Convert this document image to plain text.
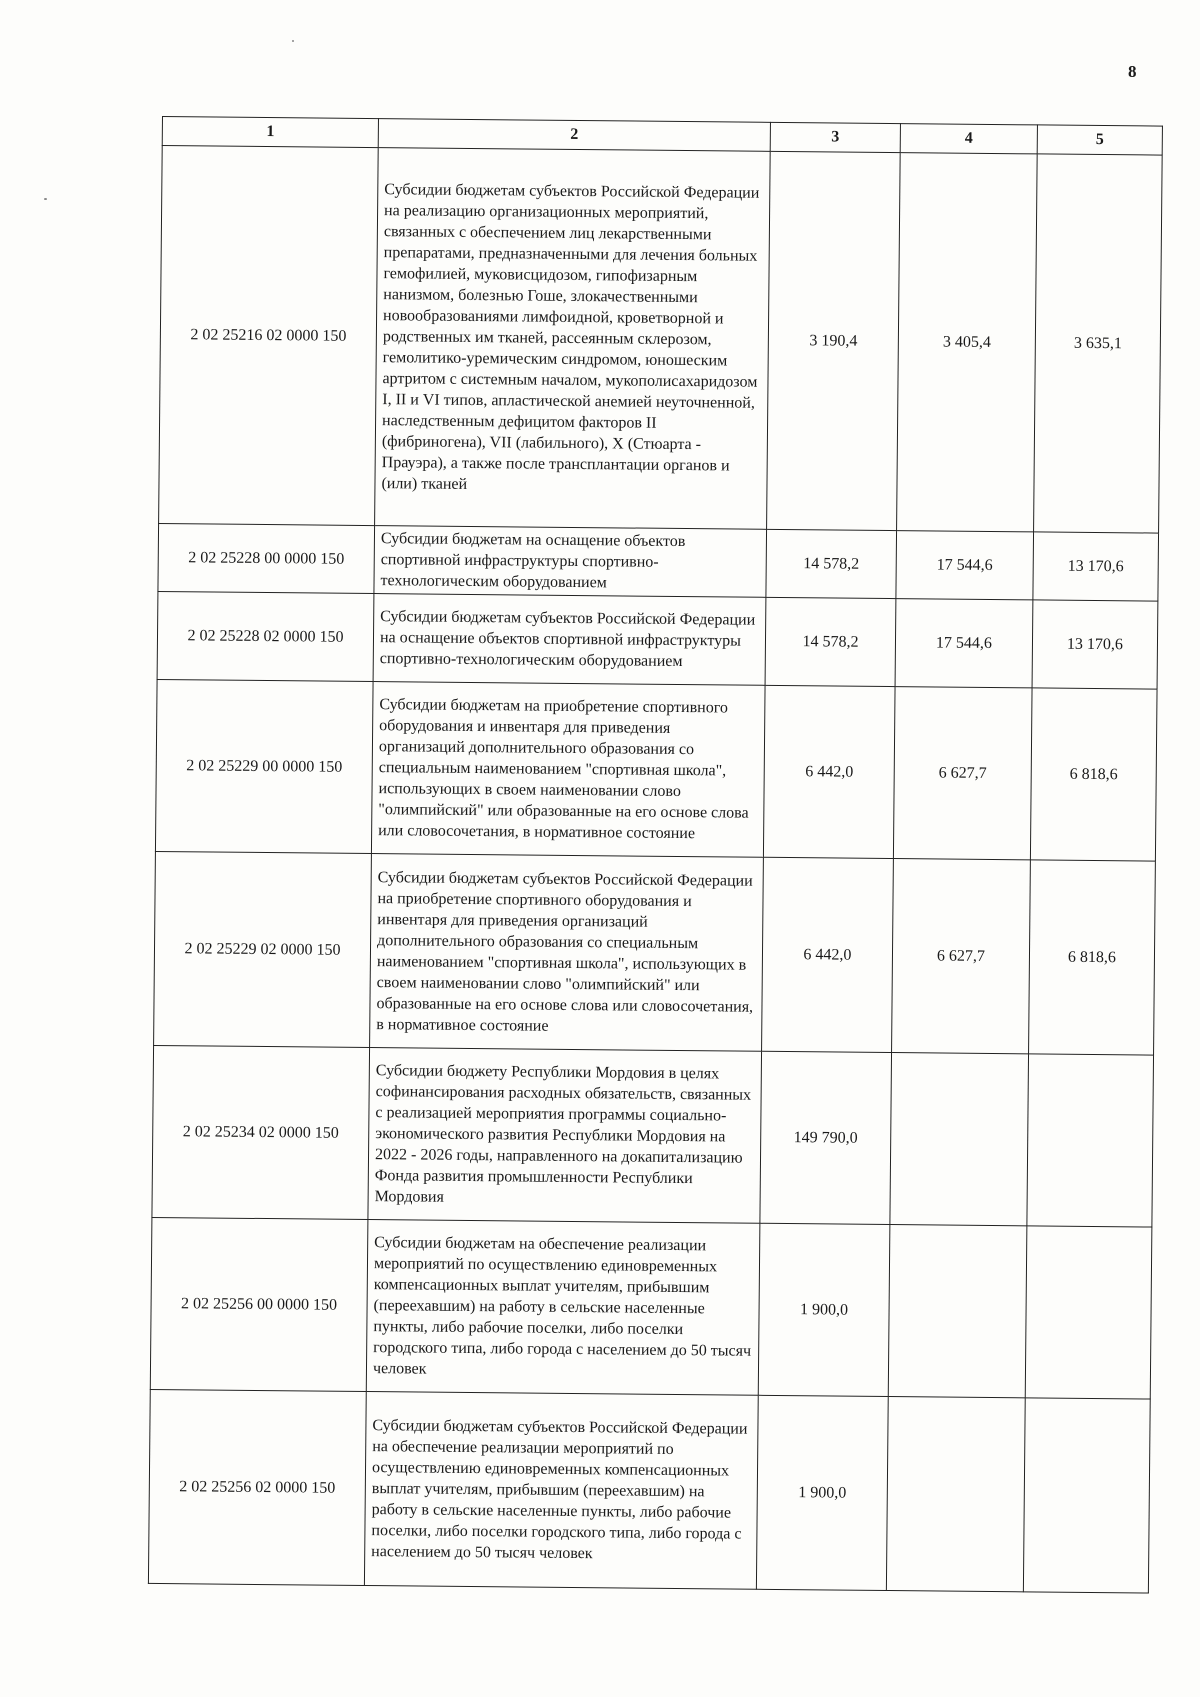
8
1	2	3	4	5
2 02 25216 02 0000 150	Субсидии бюджетам субъектов Российской Федерации на реализацию организационных мероприятий, связанных с обеспечением лиц лекарственными препаратами, предназначенными для лечения больных гемофилией, муковисцидозом, гипофизарным нанизмом, болезнью Гоше, злокачественными новообразованиями лимфоидной, кроветворной и родственных им тканей, рассеянным склерозом, гемолитико-уремическим синдромом, юношеским артритом с системным началом, мукополисахаридозом I, II и VI типов, апластической анемией неуточненной, наследственным дефицитом факторов II (фибриногена), VII (лабильного), X (Стюарта - Прауэра), а также после трансплантации органов и (или) тканей	3 190,4	3 405,4	3 635,1
2 02 25228 00 0000 150	Субсидии бюджетам на оснащение объектов спортивной инфраструктуры спортивно-технологическим оборудованием	14 578,2	17 544,6	13 170,6
2 02 25228 02 0000 150	Субсидии бюджетам субъектов Российской Федерации на оснащение объектов спортивной инфраструктуры спортивно-технологическим оборудованием	14 578,2	17 544,6	13 170,6
2 02 25229 00 0000 150	Субсидии бюджетам на приобретение спортивного оборудования и инвентаря для приведения организаций дополнительного образования со специальным наименованием "спортивная школа", использующих в своем наименовании слово "олимпийский" или образованные на его основе слова или словосочетания, в нормативное состояние	6 442,0	6 627,7	6 818,6
2 02 25229 02 0000 150	Субсидии бюджетам субъектов Российской Федерации на приобретение спортивного оборудования и инвентаря для приведения организаций дополнительного образования со специальным наименованием "спортивная школа", использующих в своем наименовании слово "олимпийский" или образованные на его основе слова или словосочетания, в нормативное состояние	6 442,0	6 627,7	6 818,6
2 02 25234 02 0000 150	Субсидии бюджету Республики Мордовия в целях софинансирования расходных обязательств, связанных с реализацией мероприятия программы социально-экономического развития Республики Мордовия на 2022 - 2026 годы, направленного на докапитализацию Фонда развития промышленности Республики Мордовия	149 790,0		
2 02 25256 00 0000 150	Субсидии бюджетам на обеспечение реализации мероприятий по осуществлению единовременных компенсационных выплат учителям, прибывшим (переехавшим) на работу в сельские населенные пункты, либо рабочие поселки, либо поселки городского типа, либо города с населением до 50 тысяч человек	1 900,0		
2 02 25256 02 0000 150	Субсидии бюджетам субъектов Российской Федерации на обеспечение реализации мероприятий по осуществлению единовременных компенсационных выплат учителям, прибывшим (переехавшим) на работу в сельские населенные пункты, либо рабочие поселки, либо поселки городского типа, либо города с населением до 50 тысяч человек	1 900,0		
